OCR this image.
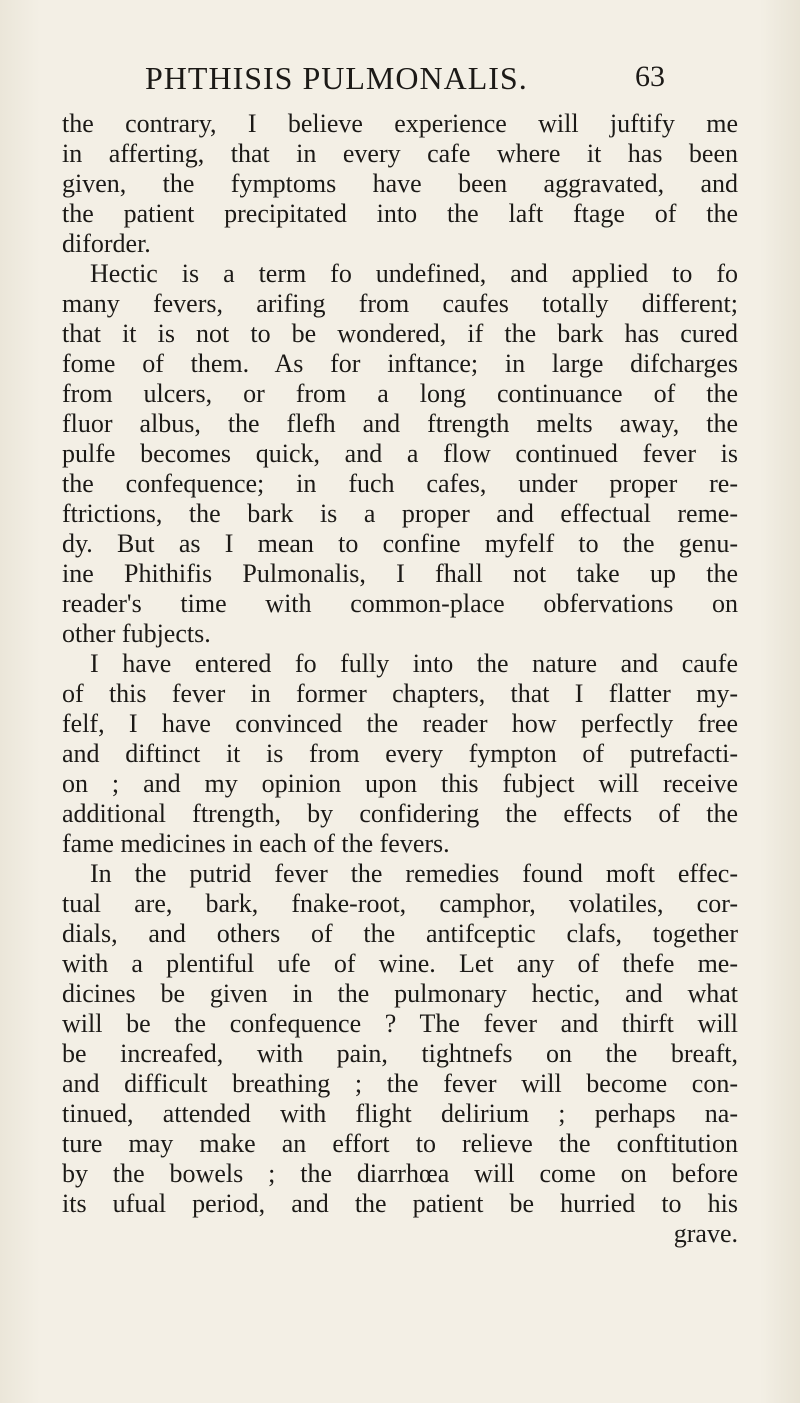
PHTHISIS PULMONALIS.	63
the contrary, I believe experience will juftify me
in afferting, that in every cafe where it has been
given, the fymptoms have been aggravated, and
the patient precipitated into the laft ftage of the
diforder.
Hectic is a term fo undefined, and applied to fo
many fevers, arifing from caufes totally different;
that it is not to be wondered, if the bark has cured
fome of them. As for inftance; in large difcharges
from ulcers, or from a long continuance of the
fluor albus, the flefh and ftrength melts away, the
pulfe becomes quick, and a flow continued fever is
the confequence; in fuch cafes, under proper re-
ftrictions, the bark is a proper and effectual reme-
dy. But as I mean to confine myfelf to the genu-
ine Phithifis Pulmonalis, I fhall not take up the
reader's time with common-place obfervations on
other fubjects.
I have entered fo fully into the nature and caufe
of this fever in former chapters, that I flatter my-
felf, I have convinced the reader how perfectly free
and diftinct it is from every fympton of putrefacti-
on ; and my opinion upon this fubject will receive
additional ftrength, by confidering the effects of the
fame medicines in each of the fevers.
In the putrid fever the remedies found moft effec-
tual are, bark, fnake-root, camphor, volatiles, cor-
dials, and others of the antifceptic clafs, together
with a plentiful ufe of wine. Let any of thefe me-
dicines be given in the pulmonary hectic, and what
will be the confequence ? The fever and thirft will
be increafed, with pain, tightnefs on the breaft,
and difficult breathing ; the fever will become con-
tinued, attended with flight delirium ; perhaps na-
ture may make an effort to relieve the conftitution
by the bowels ; the diarrhœa will come on before
its ufual period, and the patient be hurried to his
grave.
